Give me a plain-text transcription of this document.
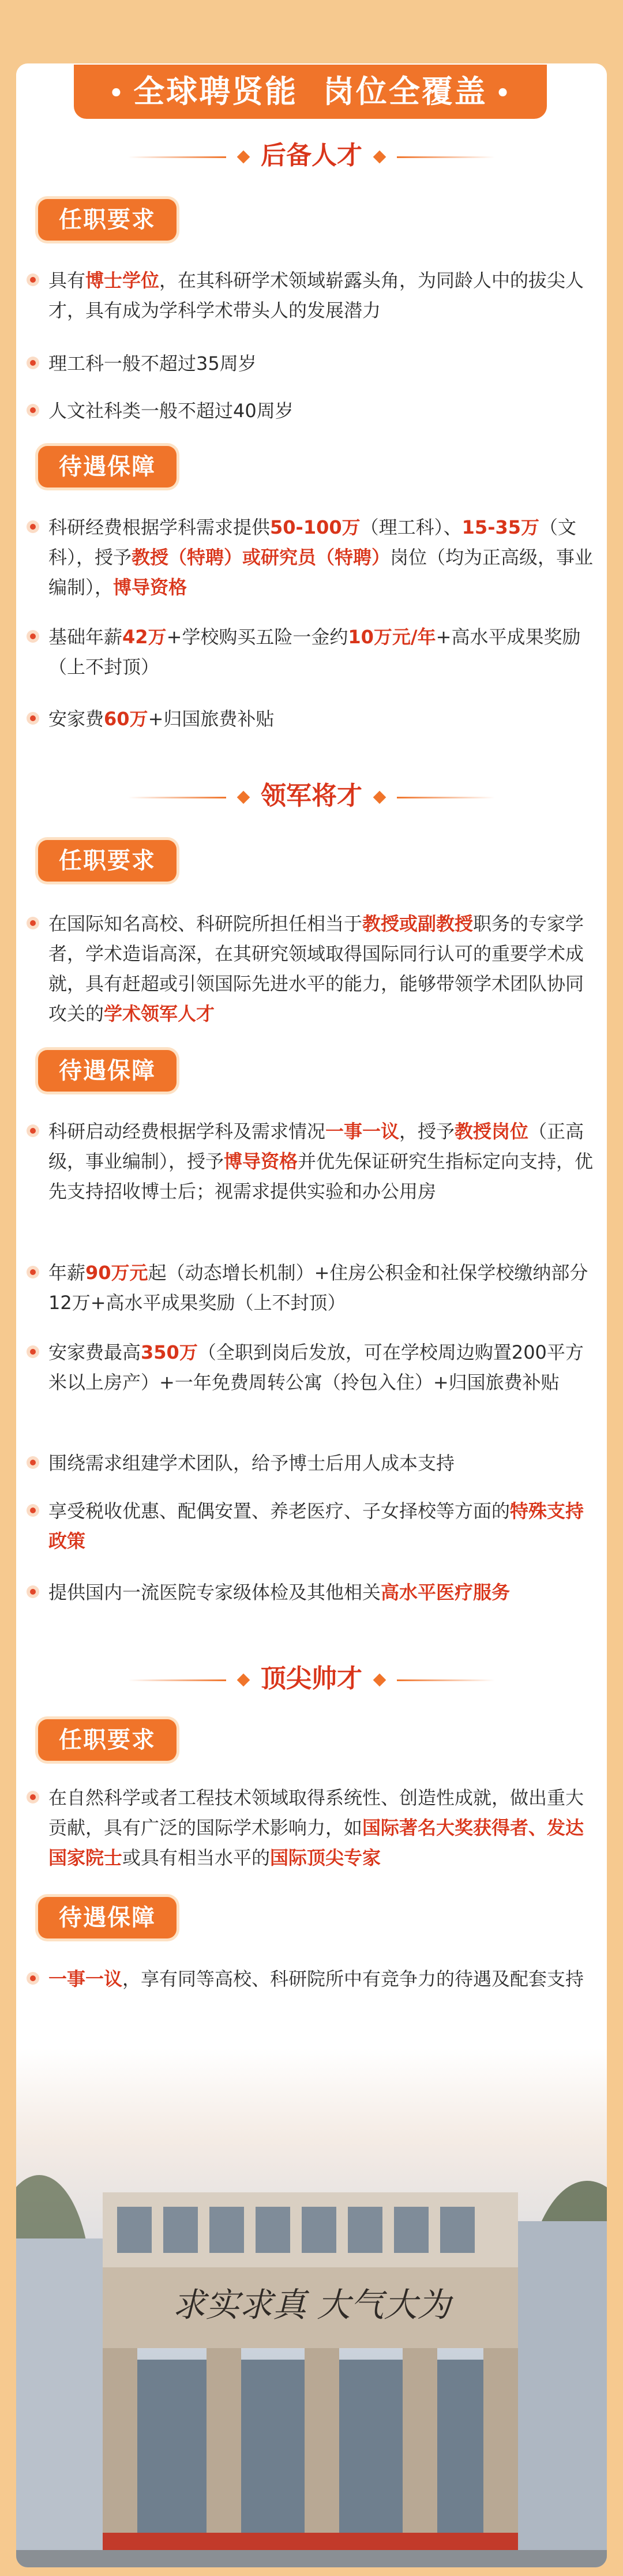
• 全球聘贤能  岗位全覆盖 •
后备人才
任职要求
具有博士学位，在其科研学术领域崭露头角，为同龄人中的拔尖人才，具有成为学科学术带头人的发展潜力
理工科一般不超过35周岁
人文社科类一般不超过40周岁
待遇保障
科研经费根据学科需求提供50-100万（理工科）、15-35万（文科），授予教授（特聘）或研究员（特聘）岗位（均为正高级，事业编制），博导资格
基础年薪42万+学校购买五险一金约10万元/年+高水平成果奖励（上不封顶）
安家费60万+归国旅费补贴
领军将才
任职要求
在国际知名高校、科研院所担任相当于教授或副教授职务的专家学者，学术造诣高深，在其研究领域取得国际同行认可的重要学术成就，具有赶超或引领国际先进水平的能力，能够带领学术团队协同攻关的学术领军人才
待遇保障
科研启动经费根据学科及需求情况一事一议，授予教授岗位（正高级，事业编制），授予博导资格并优先保证研究生指标定向支持，优先支持招收博士后；视需求提供实验和办公用房
年薪90万元起（动态增长机制）+住房公积金和社保学校缴纳部分12万+高水平成果奖励（上不封顶）
安家费最高350万（全职到岗后发放，可在学校周边购置200平方米以上房产）+一年免费周转公寓（拎包入住）+归国旅费补贴
围绕需求组建学术团队，给予博士后用人成本支持
享受税收优惠、配偶安置、养老医疗、子女择校等方面的特殊支持政策
提供国内一流医院专家级体检及其他相关高水平医疗服务
顶尖帅才
任职要求
在自然科学或者工程技术领域取得系统性、创造性成就，做出重大贡献，具有广泛的国际学术影响力，如国际著名大奖获得者、发达国家院士或具有相当水平的国际顶尖专家
待遇保障
一事一议，享有同等高校、科研院所中有竞争力的待遇及配套支持
求实求真 大气大为
